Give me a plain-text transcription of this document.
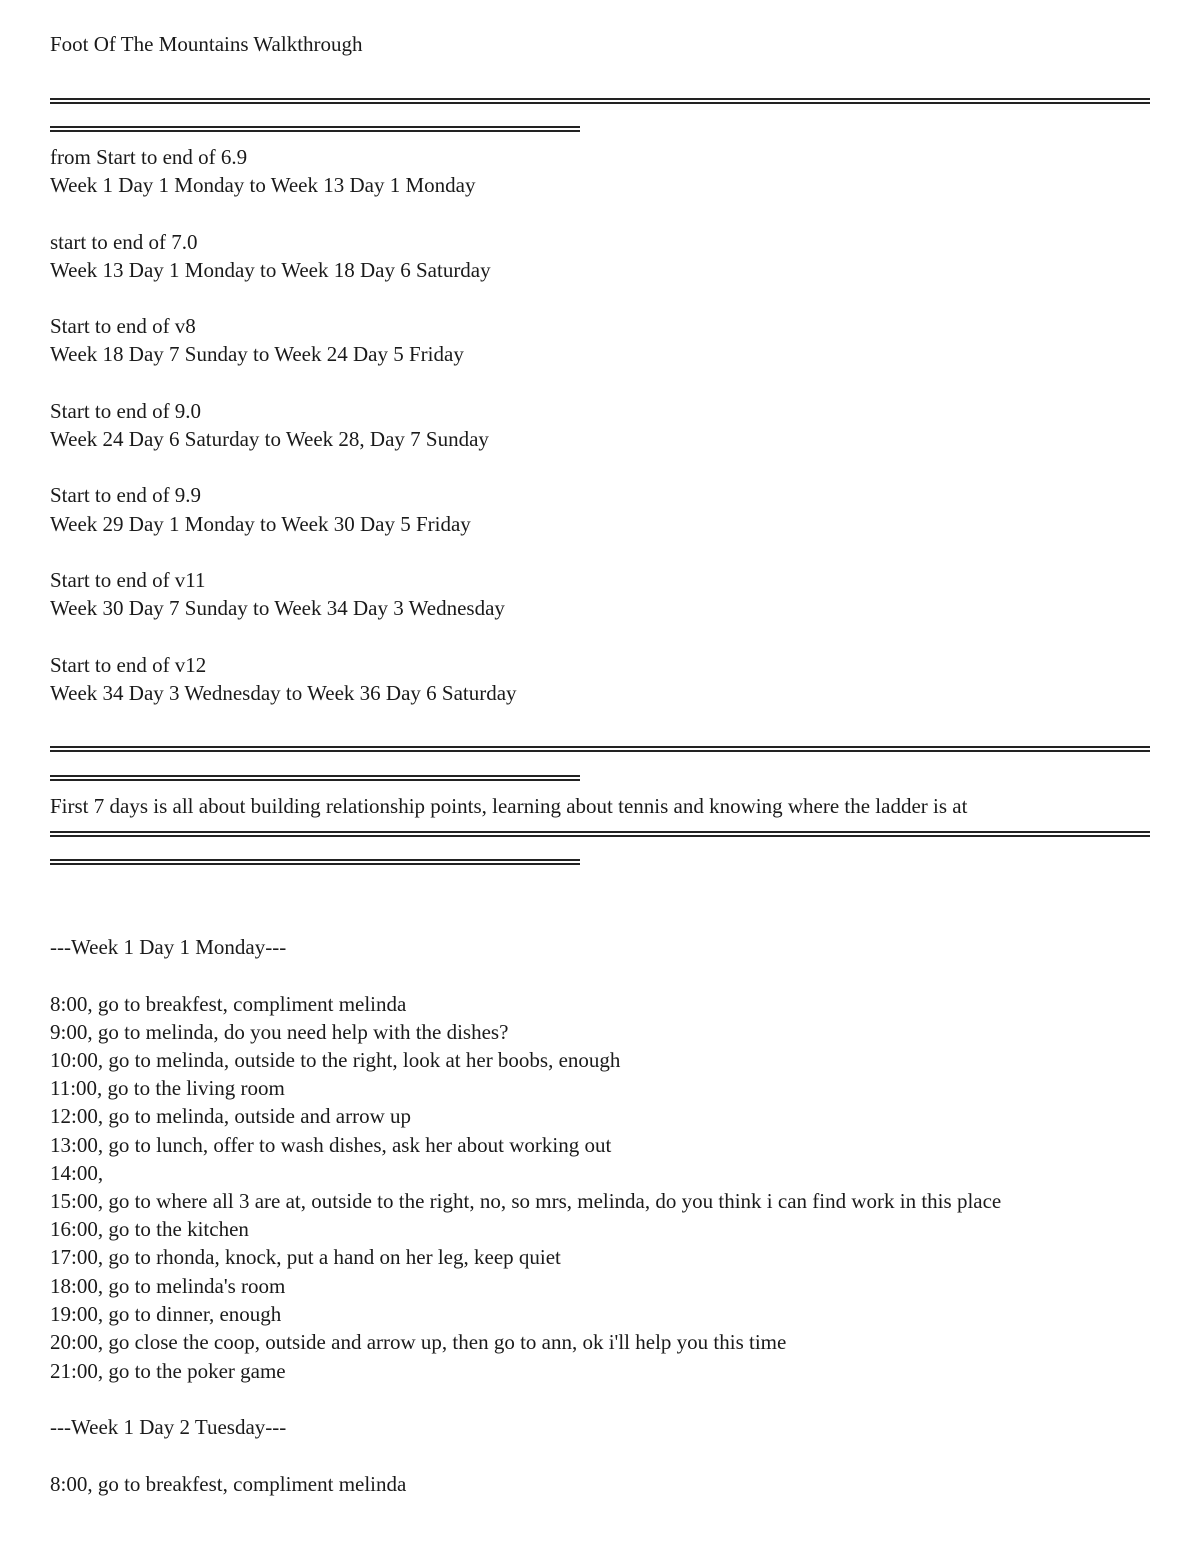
Foot Of The Mountains Walkthrough
from Start to end of 6.9
Week 1 Day 1 Monday to Week 13 Day 1 Monday
start to end of 7.0
Week 13 Day 1 Monday to Week 18 Day 6 Saturday
Start to end of v8
Week 18 Day 7 Sunday to Week 24 Day 5 Friday
Start to end of 9.0
Week 24 Day 6 Saturday to Week 28, Day 7 Sunday
Start to end of 9.9
Week 29 Day 1 Monday to Week 30 Day 5 Friday
Start to end of v11
Week 30 Day 7 Sunday to Week 34 Day 3 Wednesday
Start to end of v12
Week 34 Day 3 Wednesday to Week 36 Day 6 Saturday
First 7 days is all about building relationship points, learning about tennis and knowing where the ladder is at
---Week 1 Day 1 Monday---
8:00, go to breakfest, compliment melinda
9:00, go to melinda, do you need help with the dishes?
10:00, go to melinda, outside to the right, look at her boobs, enough
11:00, go to the living room
12:00, go to melinda, outside and arrow up
13:00, go to lunch, offer to wash dishes, ask her about working out
14:00,
15:00, go to where all 3 are at, outside to the right, no, so mrs, melinda, do you think i can find work in this place
16:00, go to the kitchen
17:00, go to rhonda, knock, put a hand on her leg, keep quiet
18:00, go to melinda's room
19:00, go to dinner, enough
20:00, go close the coop, outside and arrow up, then go to ann, ok i'll help you this time
21:00, go to the poker game
---Week 1 Day 2 Tuesday---
8:00, go to breakfest, compliment melinda
